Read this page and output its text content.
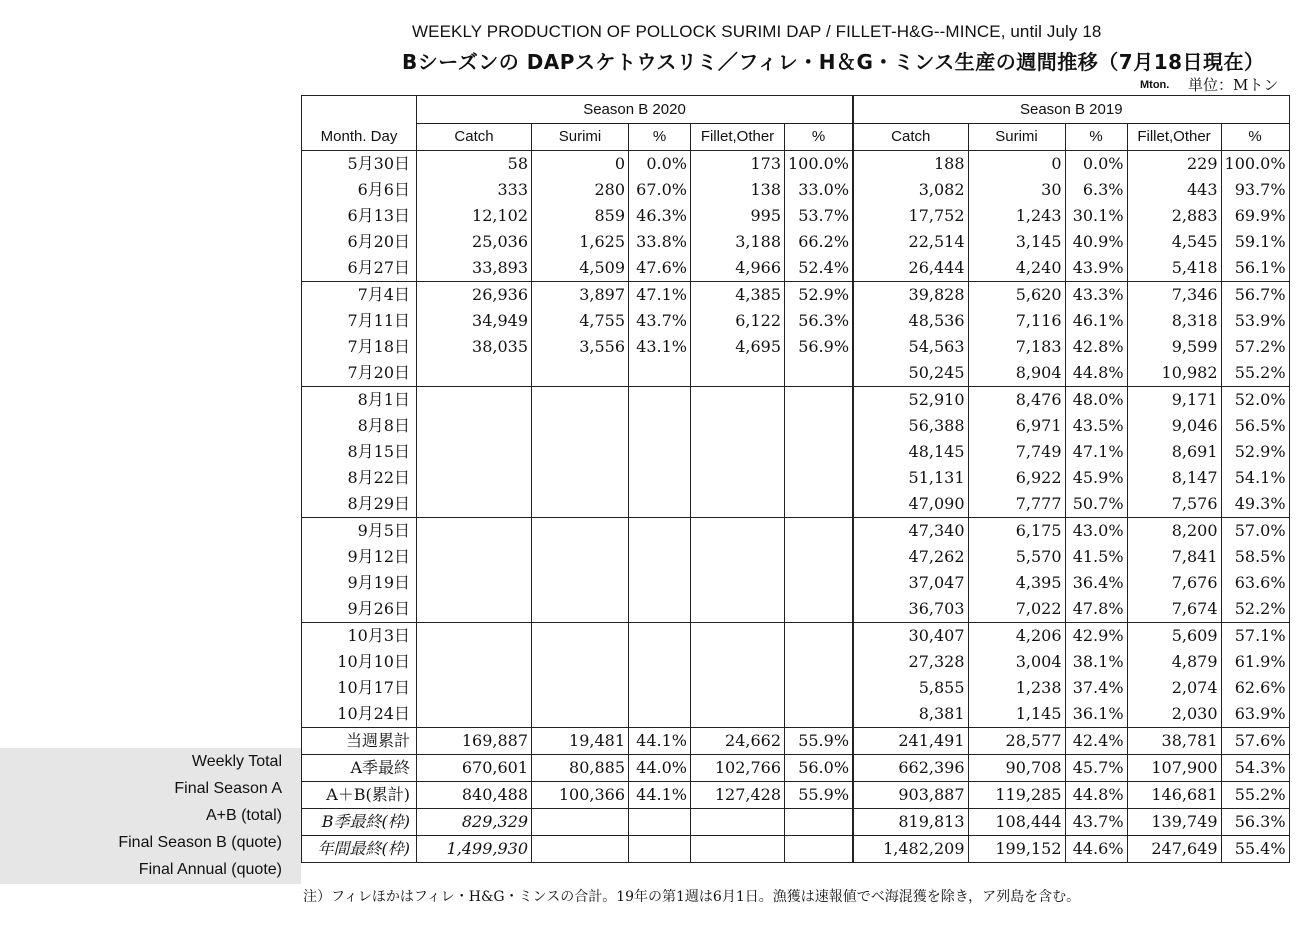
WEEKLY PRODUCTION OF POLLOCK SURIMI DAP / FILLET-H&G--MINCE, until July 18
Bシーズンの DAPスケトウスリミ／フィレ・H＆G・ミンス生産の週間推移（7月18日現在）
Mton. 単位：Mトン
Weekly Total
Final Season A
A+B (total)
Final Season B (quote)
Final Annual (quote)
	Season B 2020					Season B 2019				
Month. Day	Catch	Surimi	%	Fillet,Other	%	Catch	Surimi	%	Fillet,Other	%
5月30日	58	0	0.0%	173	100.0%	188	0	0.0%	229	100.0%
6月6日	333	280	67.0%	138	33.0%	3,082	30	6.3%	443	93.7%
6月13日	12,102	859	46.3%	995	53.7%	17,752	1,243	30.1%	2,883	69.9%
6月20日	25,036	1,625	33.8%	3,188	66.2%	22,514	3,145	40.9%	4,545	59.1%
6月27日	33,893	4,509	47.6%	4,966	52.4%	26,444	4,240	43.9%	5,418	56.1%
7月4日	26,936	3,897	47.1%	4,385	52.9%	39,828	5,620	43.3%	7,346	56.7%
7月11日	34,949	4,755	43.7%	6,122	56.3%	48,536	7,116	46.1%	8,318	53.9%
7月18日	38,035	3,556	43.1%	4,695	56.9%	54,563	7,183	42.8%	9,599	57.2%
7月20日						50,245	8,904	44.8%	10,982	55.2%
8月1日						52,910	8,476	48.0%	9,171	52.0%
8月8日						56,388	6,971	43.5%	9,046	56.5%
8月15日						48,145	7,749	47.1%	8,691	52.9%
8月22日						51,131	6,922	45.9%	8,147	54.1%
8月29日						47,090	7,777	50.7%	7,576	49.3%
9月5日						47,340	6,175	43.0%	8,200	57.0%
9月12日						47,262	5,570	41.5%	7,841	58.5%
9月19日						37,047	4,395	36.4%	7,676	63.6%
9月26日						36,703	7,022	47.8%	7,674	52.2%
10月3日						30,407	4,206	42.9%	5,609	57.1%
10月10日						27,328	3,004	38.1%	4,879	61.9%
10月17日						5,855	1,238	37.4%	2,074	62.6%
10月24日						8,381	1,145	36.1%	2,030	63.9%
当週累計	169,887	19,481	44.1%	24,662	55.9%	241,491	28,577	42.4%	38,781	57.6%
A季最終	670,601	80,885	44.0%	102,766	56.0%	662,396	90,708	45.7%	107,900	54.3%
A＋B(累計)	840,488	100,366	44.1%	127,428	55.9%	903,887	119,285	44.8%	146,681	55.2%
B季最終(枠)	829,329					819,813	108,444	43.7%	139,749	56.3%
年間最終(枠)	1,499,930					1,482,209	199,152	44.6%	247,649	55.4%
注）フィレほかはフィレ・H&G・ミンスの合計。19年の第1週は6月1日。漁獲は速報値でベ海混獲を除き，ア列島を含む。
